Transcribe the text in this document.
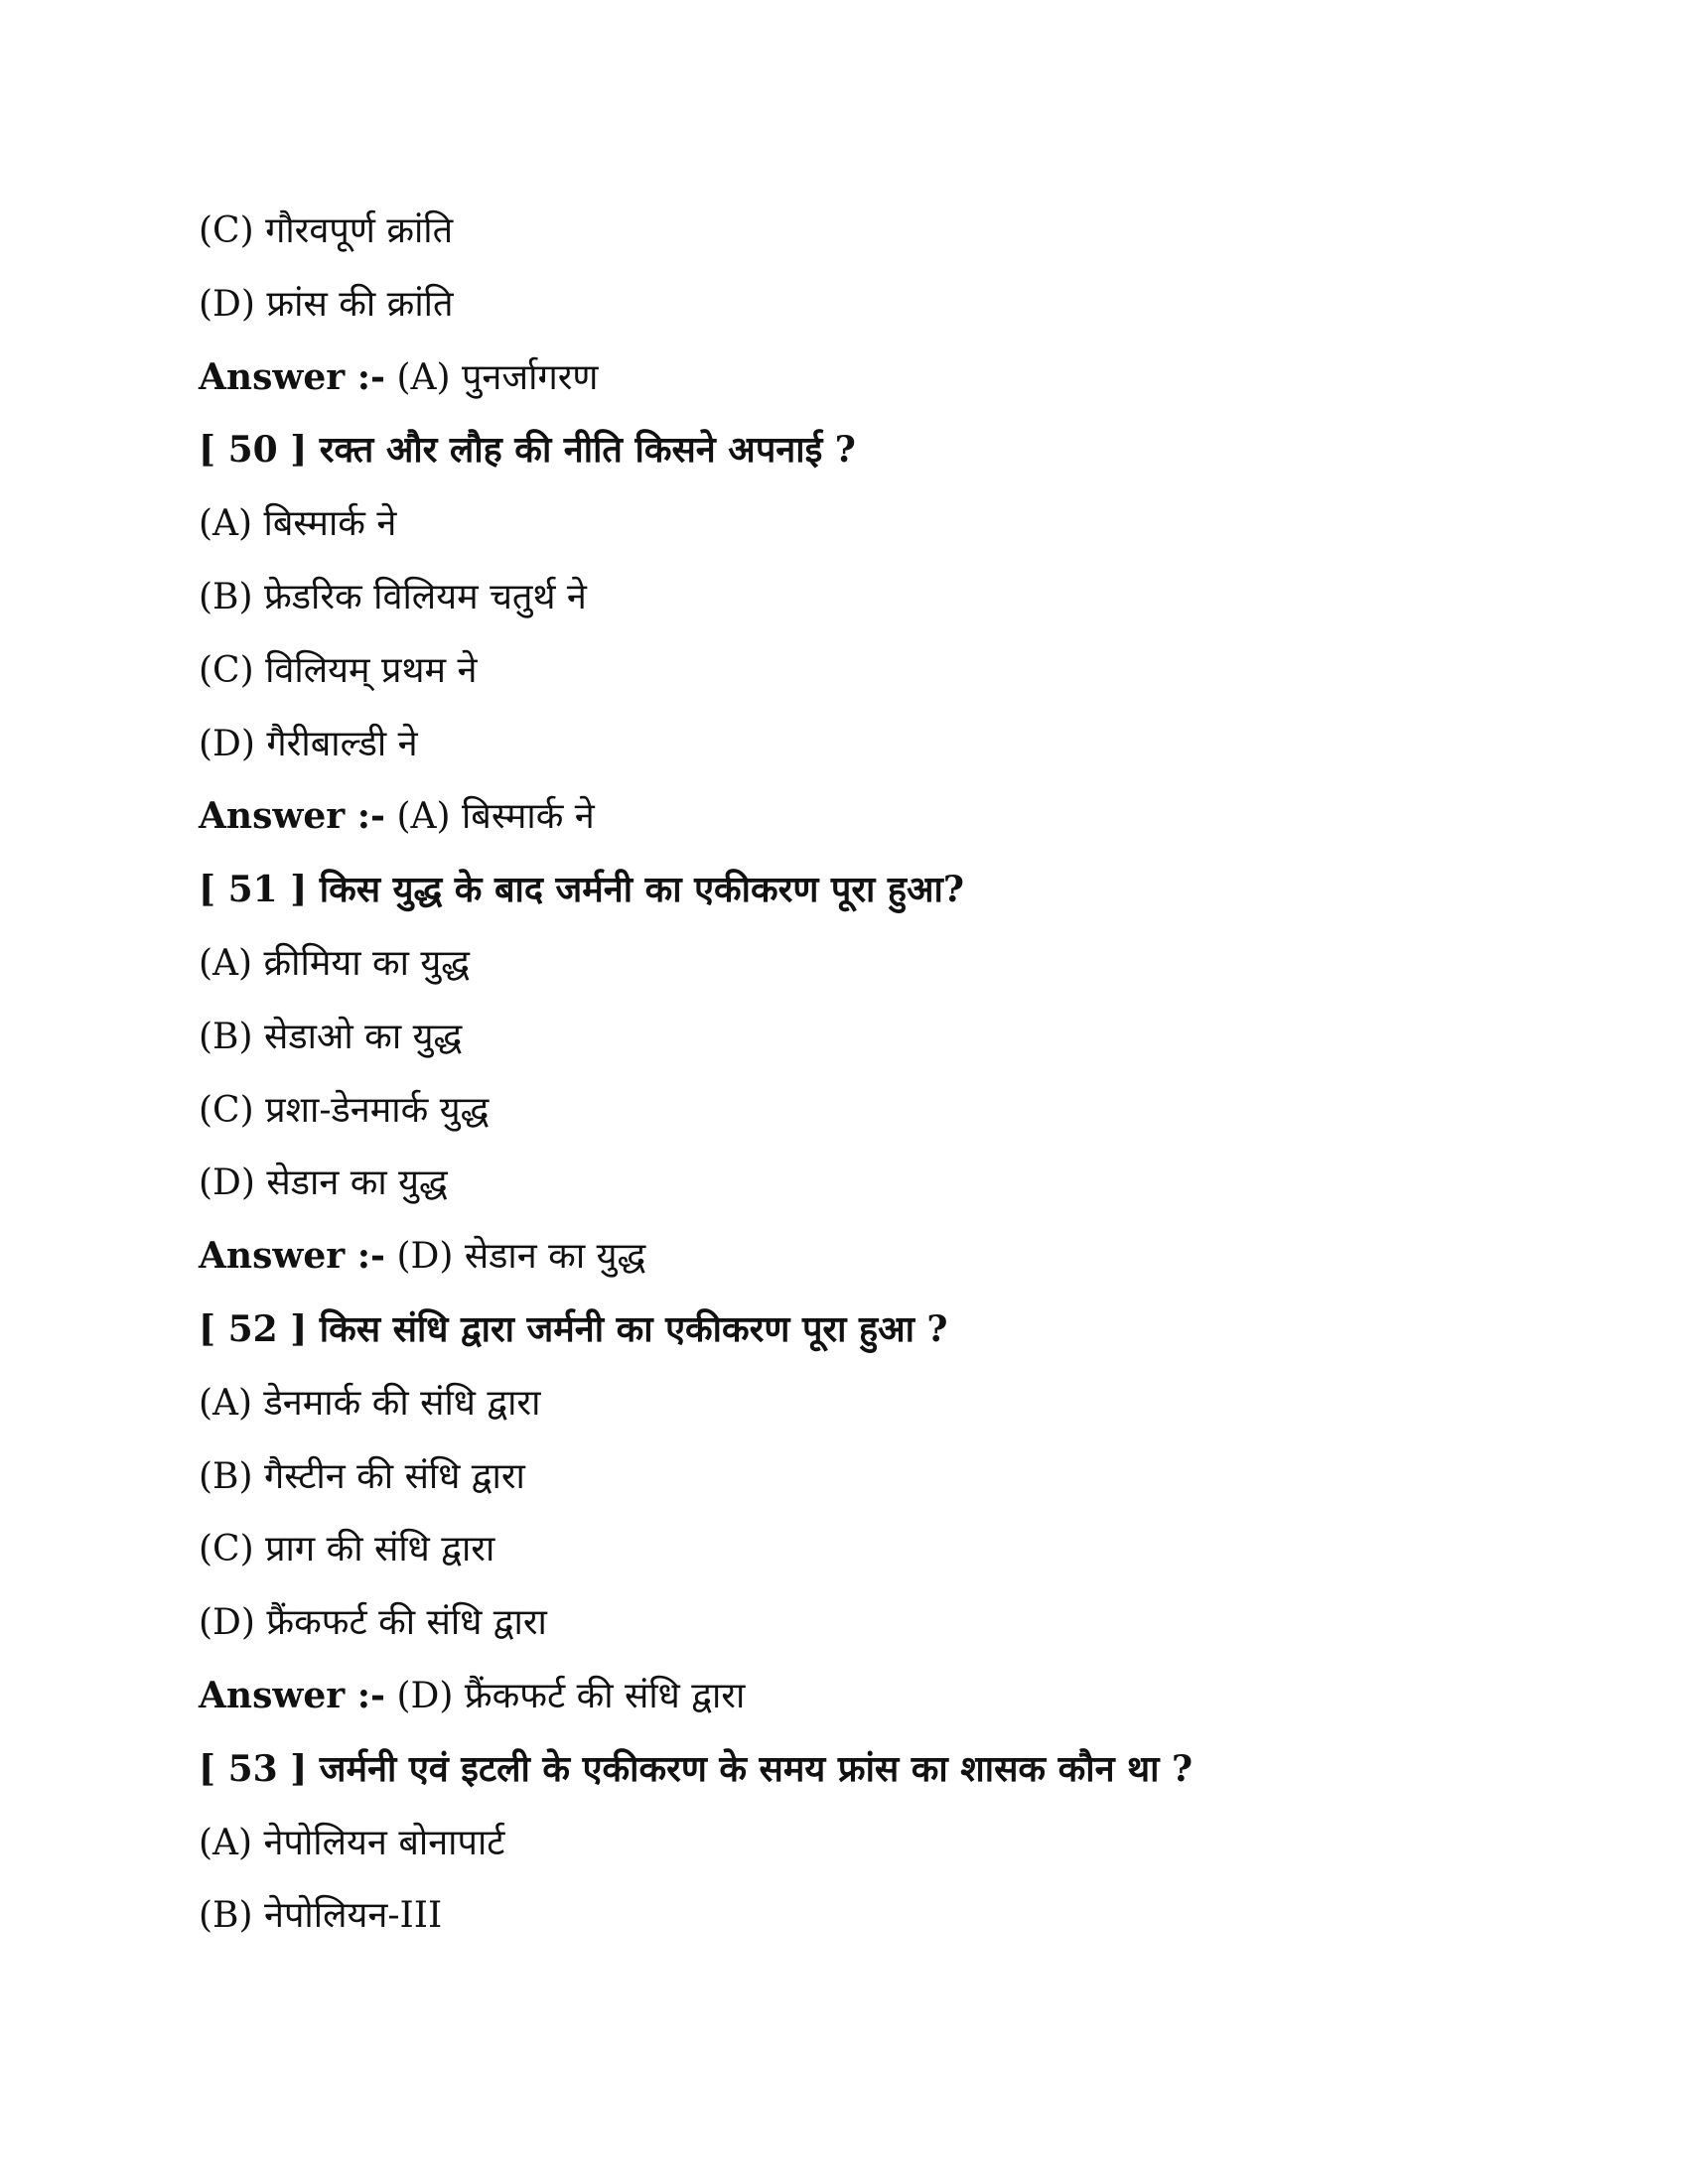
(C) गौरवपूर्ण क्रांति
(D) फ्रांस की क्रांति
Answer :- (A) पुनर्जागरण
[ 50 ] रक्त और लौह की नीति किसने अपनाई ?
(A) बिस्मार्क ने
(B) फ्रेडरिक विलियम चतुर्थ ने
(C) विलियम् प्रथम ने
(D) गैरीबाल्डी ने
Answer :- (A) बिस्मार्क ने
[ 51 ] किस युद्ध के बाद जर्मनी का एकीकरण पूरा हुआ?
(A) क्रीमिया का युद्ध
(B) सेडाओ का युद्ध
(C) प्रशा-डेनमार्क युद्ध
(D) सेडान का युद्ध
Answer :- (D) सेडान का युद्ध
[ 52 ] किस संधि द्वारा जर्मनी का एकीकरण पूरा हुआ ?
(A) डेनमार्क की संधि द्वारा
(B) गैस्टीन की संधि द्वारा
(C) प्राग की संधि द्वारा
(D) फ्रैंकफर्ट की संधि द्वारा
Answer :- (D) फ्रैंकफर्ट की संधि द्वारा
[ 53 ] जर्मनी एवं इटली के एकीकरण के समय फ्रांस का शासक कौन था ?
(A) नेपोलियन बोनापार्ट
(B) नेपोलियन-III
